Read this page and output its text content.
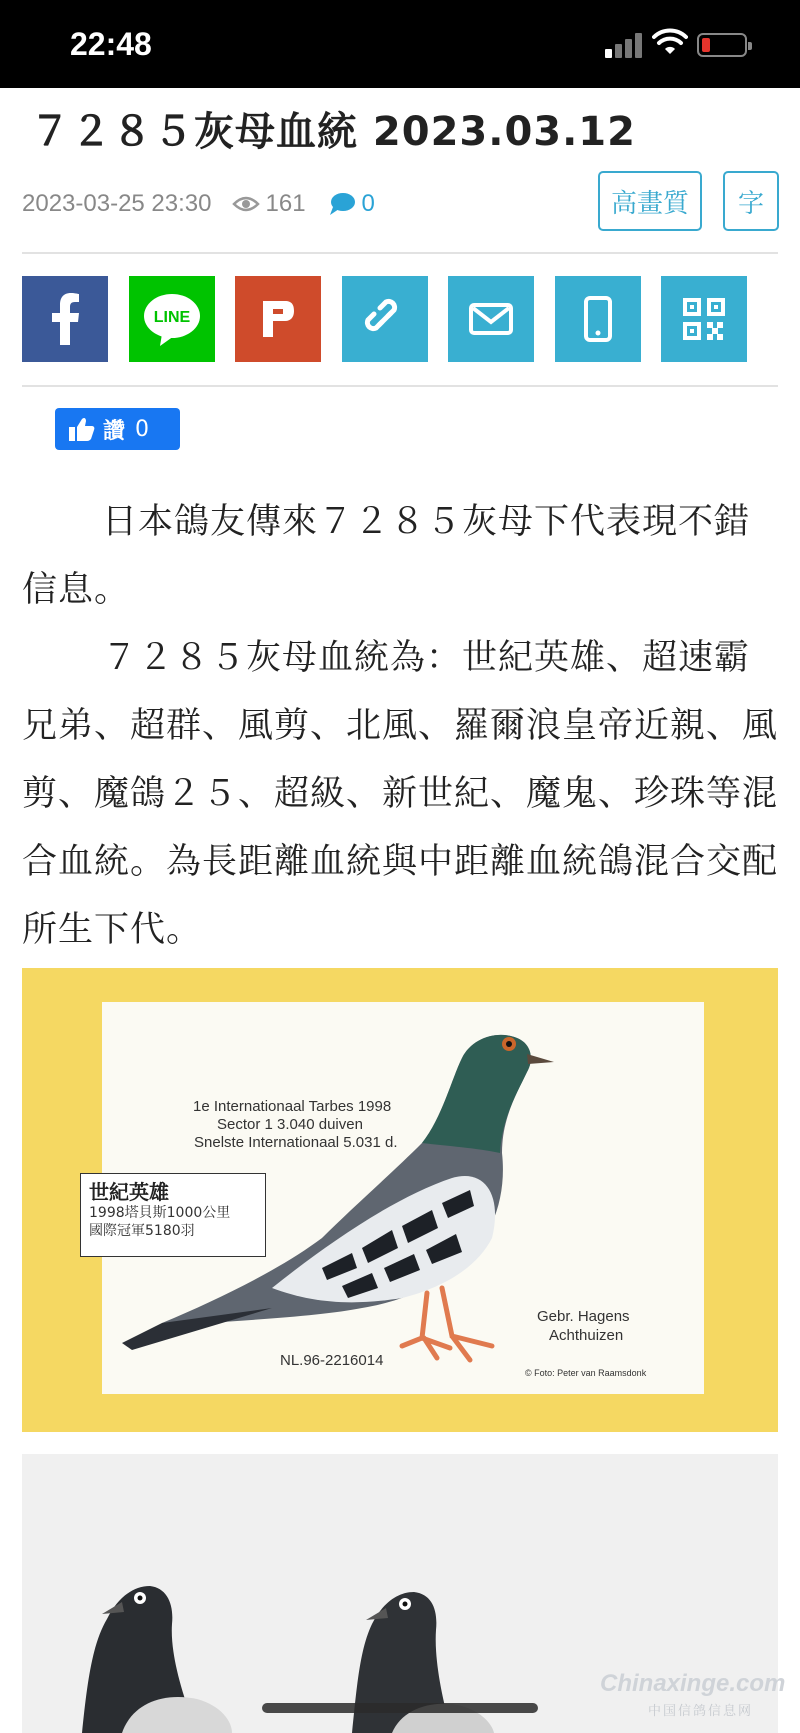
22:48
７２８５灰母血統 2023.03.12
2023-03-25 23:30 161 0	高畫質	字
LINE
讚 0

日本鴿友傳來７２８５灰母下代表現不錯信息。

７２８５灰母血統為：世紀英雄、超速霸兄弟、超群、風剪、北風、羅爾浪皇帝近親、風剪、魔鴿２５、超級、新世紀、魔鬼、珍珠等混合血統。為長距離血統與中距離血統鴿混合交配所生下代。

1e Internationaal Tarbes 1998
Sector 1 3.040 duiven
Snelste Internationaal 5.031 d.
世紀英雄
1998塔貝斯1000公里
國際冠軍5180羽
Gebr. Hagens
Achthuizen
NL.96-2216014
© Foto: Peter van Raamsdonk
Chinaxinge.com
中国信鸽信息网
